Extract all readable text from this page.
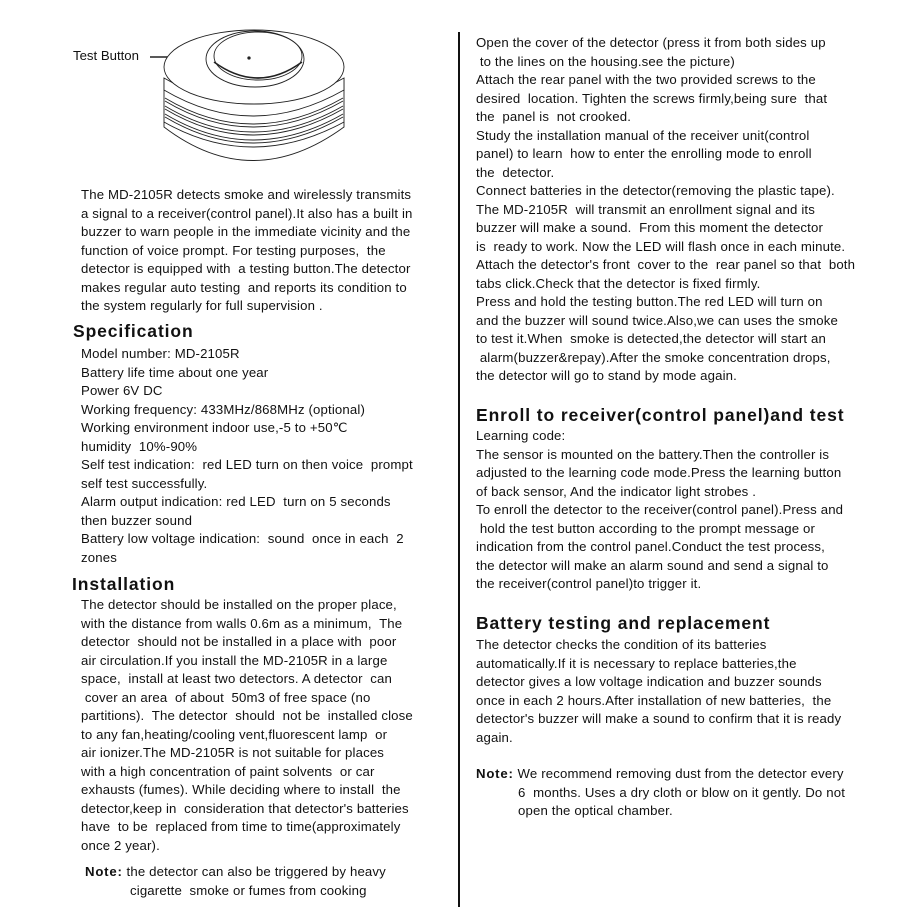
Test Button
The MD-2105R detects smoke and wirelessly transmits
a signal to a receiver(control panel).It also has a built in
buzzer to warn people in the immediate vicinity and the
function of voice prompt. For testing purposes,  the
detector is equipped with  a testing button.The detector
makes regular auto testing  and reports its condition to
the system regularly for full supervision .
Specification
Model number: MD-2105R
Battery life time about one year
Power 6V DC
Working frequency: 433MHz/868MHz (optional)
Working environment indoor use,-5 to +50℃
humidity  10%-90%
Self test indication:  red LED turn on then voice  prompt
self test successfully.
Alarm output indication: red LED  turn on 5 seconds
then buzzer sound
Battery low voltage indication:  sound  once in each  2
zones
Installation
The detector should be installed on the proper place,
with the distance from walls 0.6m as a minimum,  The
detector  should not be installed in a place with  poor
air circulation.If you install the MD-2105R in a large
space,  install at least two detectors. A detector  can
cover an area  of about  50m3 of free space (no
partitions).  The detector  should  not be  installed close
to any fan,heating/cooling vent,fluorescent lamp  or
air ionizer.The MD-2105R is not suitable for places
with a high concentration of paint solvents  or car
exhausts (fumes). While deciding where to install  the
detector,keep in  consideration that detector's batteries
have  to be  replaced from time to time(approximately
once 2 year).
Note: the detector can also be triggered by heavy
cigarette  smoke or fumes from cooking
Open the cover of the detector (press it from both sides up
to the lines on the housing.see the picture)
Attach the rear panel with the two provided screws to the
desired  location. Tighten the screws firmly,being sure  that
the  panel is  not crooked.
Study the installation manual of the receiver unit(control
panel) to learn  how to enter the enrolling mode to enroll
the  detector.
Connect batteries in the detector(removing the plastic tape).
The MD-2105R  will transmit an enrollment signal and its
buzzer will make a sound.  From this moment the detector
is  ready to work. Now the LED will flash once in each minute.
Attach the detector's front  cover to the  rear panel so that  both
tabs click.Check that the detector is fixed firmly.
Press and hold the testing button.The red LED will turn on
and the buzzer will sound twice.Also,we can uses the smoke
to test it.When  smoke is detected,the detector will start an
alarm(buzzer&repay).After the smoke concentration drops,
the detector will go to stand by mode again.
Enroll to receiver(control panel)and test
Learning code:
The sensor is mounted on the battery.Then the controller is
adjusted to the learning code mode.Press the learning button
of back sensor, And the indicator light strobes .
To enroll the detector to the receiver(control panel).Press and
hold the test button according to the prompt message or
indication from the control panel.Conduct the test process,
the detector will make an alarm sound and send a signal to
the receiver(control panel)to trigger it.
Battery testing and replacement
The detector checks the condition of its batteries
automatically.If it is necessary to replace batteries,the
detector gives a low voltage indication and buzzer sounds
once in each 2 hours.After installation of new batteries,  the
detector's buzzer will make a sound to confirm that it is ready
again.
Note: We recommend removing dust from the detector every
6  months. Uses a dry cloth or blow on it gently. Do not
open the optical chamber.
